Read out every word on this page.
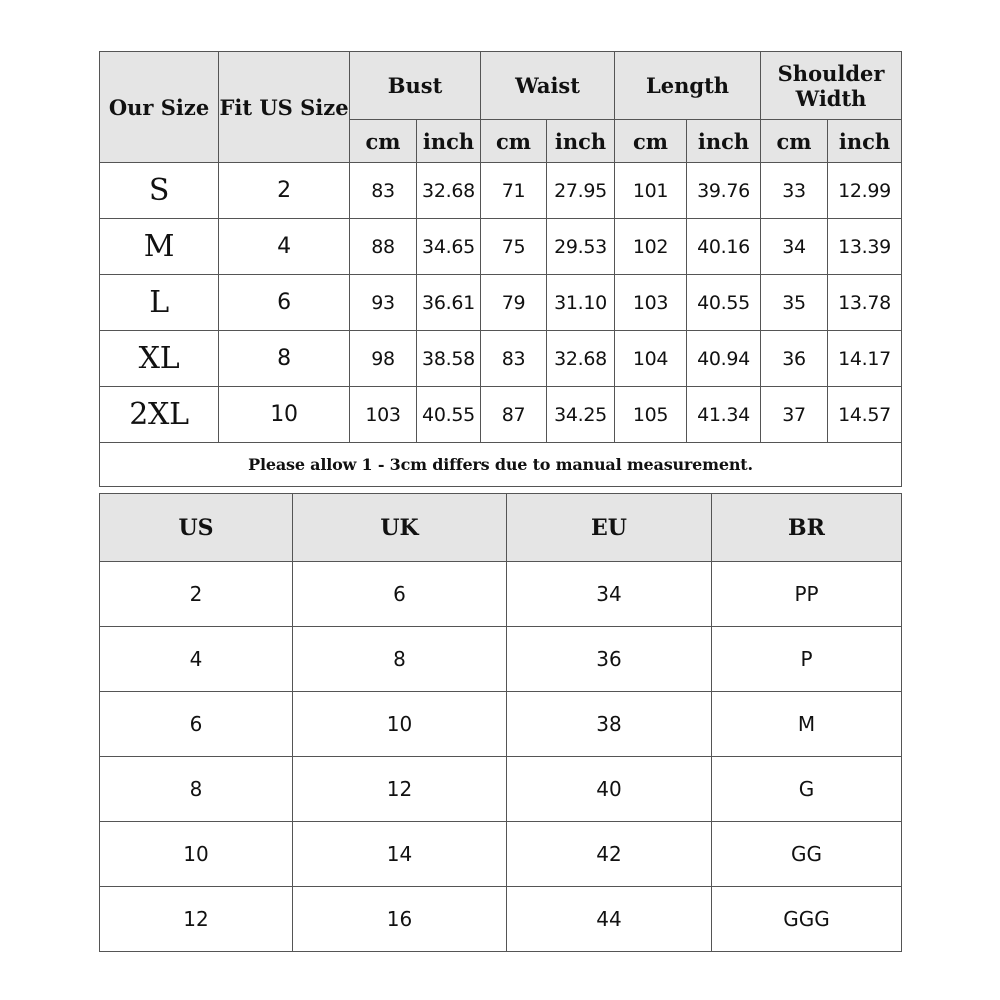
Our Size	Fit US Size	Bust		Waist		Length		Shoulder
Width	
		cm	inch	cm	inch	cm	inch	cm	inch
S	2	83	32.68	71	27.95	101	39.76	33	12.99
M	4	88	34.65	75	29.53	102	40.16	34	13.39
L	6	93	36.61	79	31.10	103	40.55	35	13.78
XL	8	98	38.58	83	32.68	104	40.94	36	14.17
2XL	10	103	40.55	87	34.25	105	41.34	37	14.57
Please allow 1 - 3cm differs due to manual measurement.									
US	UK	EU	BR
2	6	34	PP
4	8	36	P
6	10	38	M
8	12	40	G
10	14	42	GG
12	16	44	GGG
